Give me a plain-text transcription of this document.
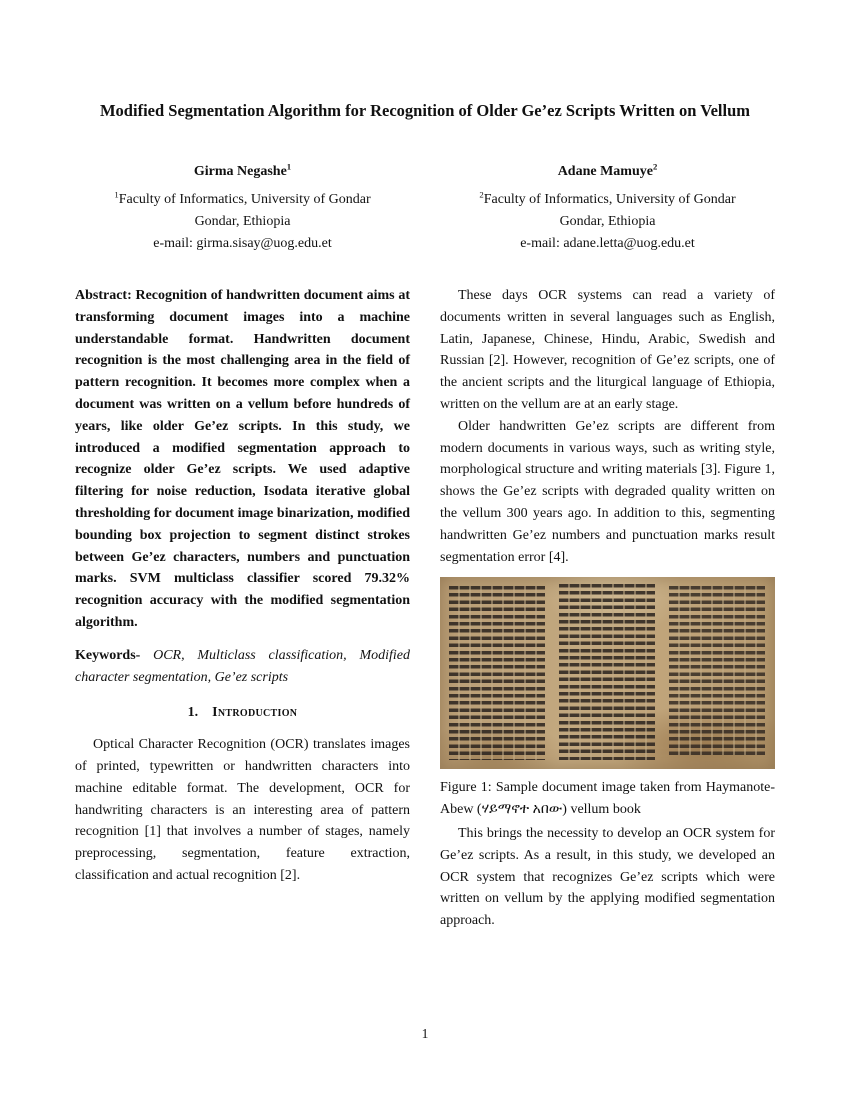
Modified Segmentation Algorithm for Recognition of Older Ge’ez Scripts Written on Vellum

Girma Negashe$^1$

$^1$Faculty of Informatics, University of Gondar

Gondar, Ethiopia

e-mail: girma.sisay@uog.edu.et

Adane Mamuye$^2$

$^2$Faculty of Informatics, University of Gondar

Gondar, Ethiopia

e-mail: adane.letta@uog.edu.et

Abstract: Recognition of handwritten document aims at transforming document images into a machine understandable format. Handwritten document recognition is the most challenging area in the field of pattern recognition. It becomes more complex when a document was written on a vellum before hundreds of years, like older Ge’ez scripts. In this study, we introduced a modified segmentation approach to recognize older Ge’ez scripts. We used adaptive filtering for noise reduction, Isodata iterative global thresholding for document image binarization, modified bounding box projection to segment distinct strokes between Ge’ez characters, numbers and punctuation marks. SVM multiclass classifier scored 79.32% recognition accuracy with the modified segmentation algorithm.

Keywords- OCR, Multiclass classification, Modified character segmentation, Ge’ez scripts

1. Introduction

Optical Character Recognition (OCR) translates images of printed, typewritten or handwritten characters into machine editable format. The development, OCR for handwriting characters is an interesting area of pattern recognition [1] that involves a number of stages, namely preprocessing, segmentation, feature extraction, classification and actual recognition [2].

These days OCR systems can read a variety of documents written in several languages such as English, Latin, Japanese, Chinese, Hindu, Arabic, Swedish and Russian [2]. However, recognition of Ge’ez scripts, one of the ancient scripts and the liturgical language of Ethiopia, written on the vellum are at an early stage.

Older handwritten Ge’ez scripts are different from modern documents in various ways, such as writing style, morphological structure and writing materials [3]. Figure 1, shows the Ge’ez scripts with degraded quality written on the vellum 300 years ago. In addition to this, segmenting handwritten Ge’ez numbers and punctuation marks result segmentation error [4].

Figure 1: Sample document image taken from Haymanote-Abew (ሃይማኖተ አበው) vellum book

This brings the necessity to develop an OCR system for Ge’ez scripts. As a result, in this study, we developed an OCR system that recognizes Ge’ez scripts which were written on vellum by the applying modified segmentation approach.

1
